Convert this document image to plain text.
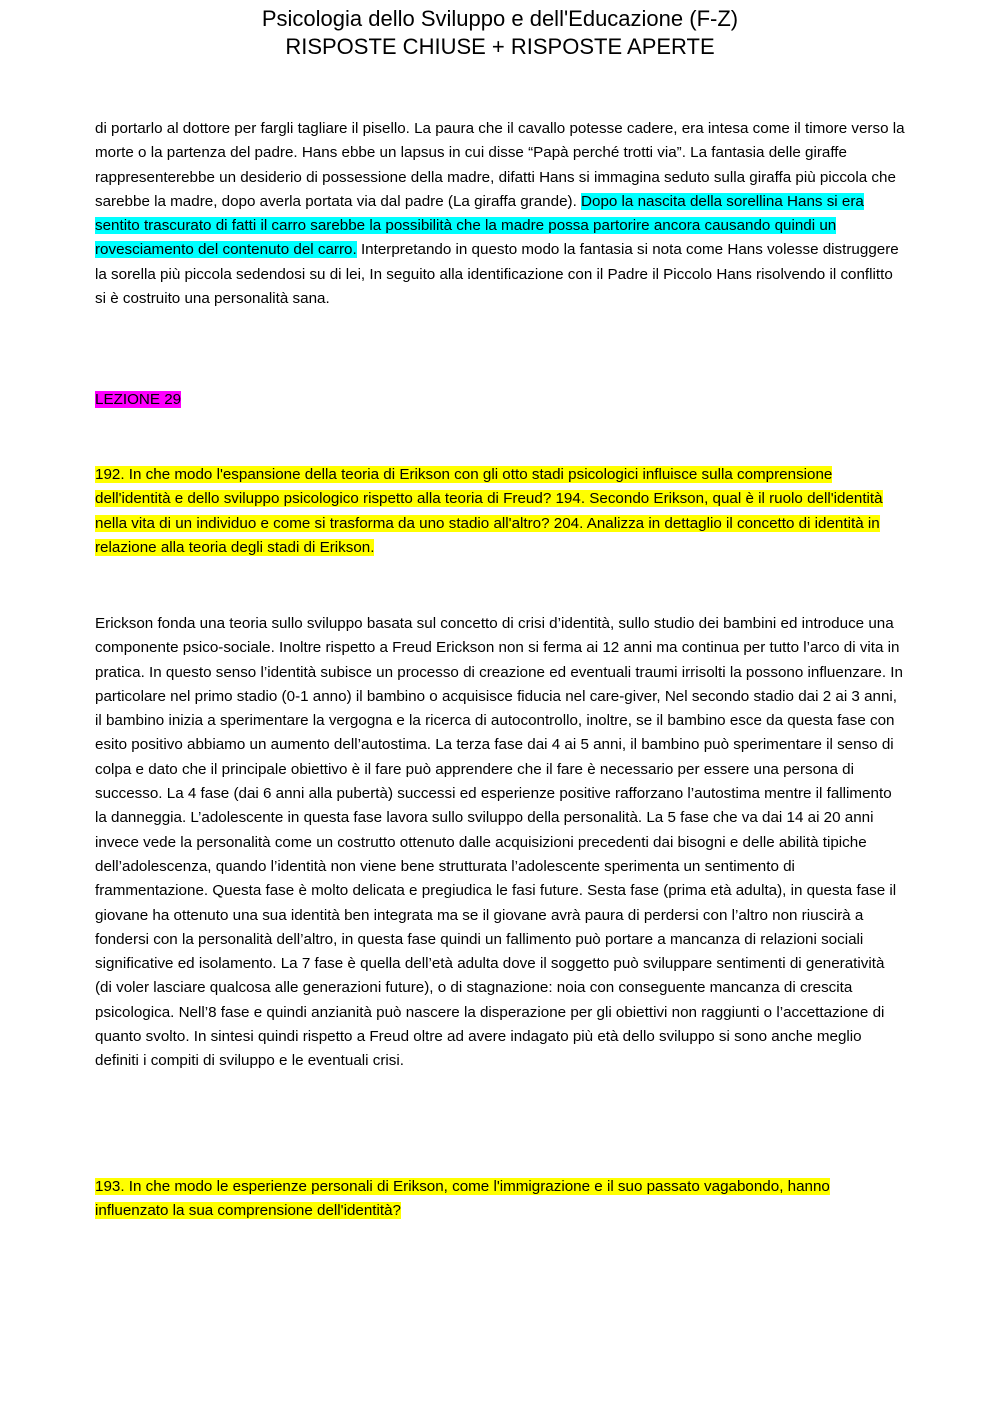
Psicologia dello Sviluppo e dell'Educazione (F-Z)
RISPOSTE CHIUSE + RISPOSTE APERTE

di portarlo al dottore per fargli tagliare il pisello. La paura che il cavallo potesse cadere, era intesa come il timore verso la morte o la partenza del padre. Hans ebbe un lapsus in cui disse “Papà perché trotti via”. La fantasia delle giraffe rappresenterebbe un desiderio di possessione della madre, difatti Hans si immagina seduto sulla giraffa più piccola che sarebbe la madre, dopo averla portata via dal padre (La giraffa grande). Dopo la nascita della sorellina Hans si era sentito trascurato di fatti il carro sarebbe la possibilità che la madre possa partorire ancora causando quindi un rovesciamento del contenuto del carro. Interpretando in questo modo la fantasia si nota come Hans volesse distruggere la sorella più piccola sedendosi su di lei, In seguito alla identificazione con il Padre il Piccolo Hans risolvendo il conflitto si è costruito una personalità sana.

LEZIONE 29

192. In che modo l'espansione della teoria di Erikson con gli otto stadi psicologici influisce sulla comprensione dell'identità e dello sviluppo psicologico rispetto alla teoria di Freud? 194. Secondo Erikson, qual è il ruolo dell'identità nella vita di un individuo e come si trasforma da uno stadio all'altro? 204. Analizza in dettaglio il concetto di identità in relazione alla teoria degli stadi di Erikson.

Erickson fonda una teoria sullo sviluppo basata sul concetto di crisi d’identità, sullo studio dei bambini ed introduce una componente psico-sociale. Inoltre rispetto a Freud Erickson non si ferma ai 12 anni ma continua per tutto l’arco di vita in pratica. In questo senso l’identità subisce un processo di creazione ed eventuali traumi irrisolti la possono influenzare. In particolare nel primo stadio (0-1 anno) il bambino o acquisisce fiducia nel care-giver, Nel secondo stadio dai 2 ai 3 anni, il bambino inizia a sperimentare la vergogna e la ricerca di autocontrollo, inoltre, se il bambino esce da questa fase con esito positivo abbiamo un aumento dell’autostima. La terza fase dai 4 ai 5 anni, il bambino può sperimentare il senso di colpa e dato che il principale obiettivo è il fare può apprendere che il fare è necessario per essere una persona di successo. La 4 fase (dai 6 anni alla pubertà) successi ed esperienze positive rafforzano l’autostima mentre il fallimento la danneggia. L’adolescente in questa fase lavora sullo sviluppo della personalità. La 5 fase che va dai 14 ai 20 anni invece vede la personalità come un costrutto ottenuto dalle acquisizioni precedenti dai bisogni e delle abilità tipiche dell’adolescenza, quando l’identità non viene bene strutturata l’adolescente sperimenta un sentimento di frammentazione. Questa fase è molto delicata e pregiudica le fasi future. Sesta fase (prima età adulta), in questa fase il giovane ha ottenuto una sua identità ben integrata ma se il giovane avrà paura di perdersi con l’altro non riuscirà a fondersi con la personalità dell’altro, in questa fase quindi un fallimento può portare a mancanza di relazioni sociali significative ed isolamento. La 7 fase è quella dell’età adulta dove il soggetto può sviluppare sentimenti di generatività (di voler lasciare qualcosa alle generazioni future), o di stagnazione: noia con conseguente mancanza di crescita psicologica. Nell’8 fase e quindi anzianità può nascere la disperazione per gli obiettivi non raggiunti o l’accettazione di quanto svolto. In sintesi quindi rispetto a Freud oltre ad avere indagato più età dello sviluppo si sono anche meglio definiti i compiti di sviluppo e le eventuali crisi.

193. In che modo le esperienze personali di Erikson, come l'immigrazione e il suo passato vagabondo, hanno influenzato la sua comprensione dell'identità?
